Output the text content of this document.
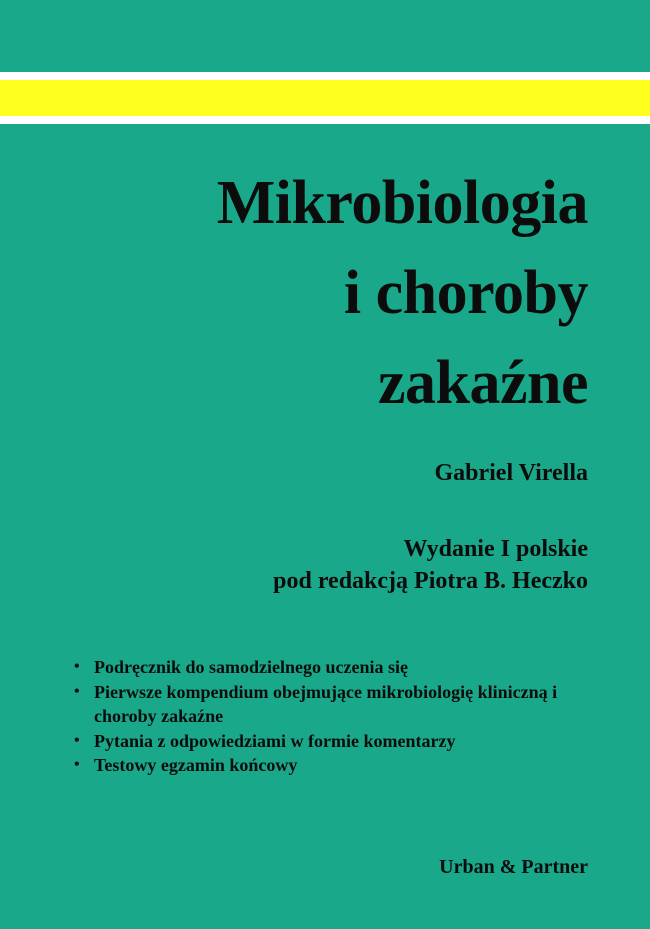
Mikrobiologia
i choroby
zakaźne
Gabriel Virella
Wydanie I polskie
pod redakcją Piotra B. Heczko
• Podręcznik do samodzielnego uczenia się
• Pierwsze kompendium obejmujące mikrobiologię kliniczną i choroby zakaźne
• Pytania z odpowiedziami w formie komentarzy
• Testowy egzamin końcowy
Urban & Partner
